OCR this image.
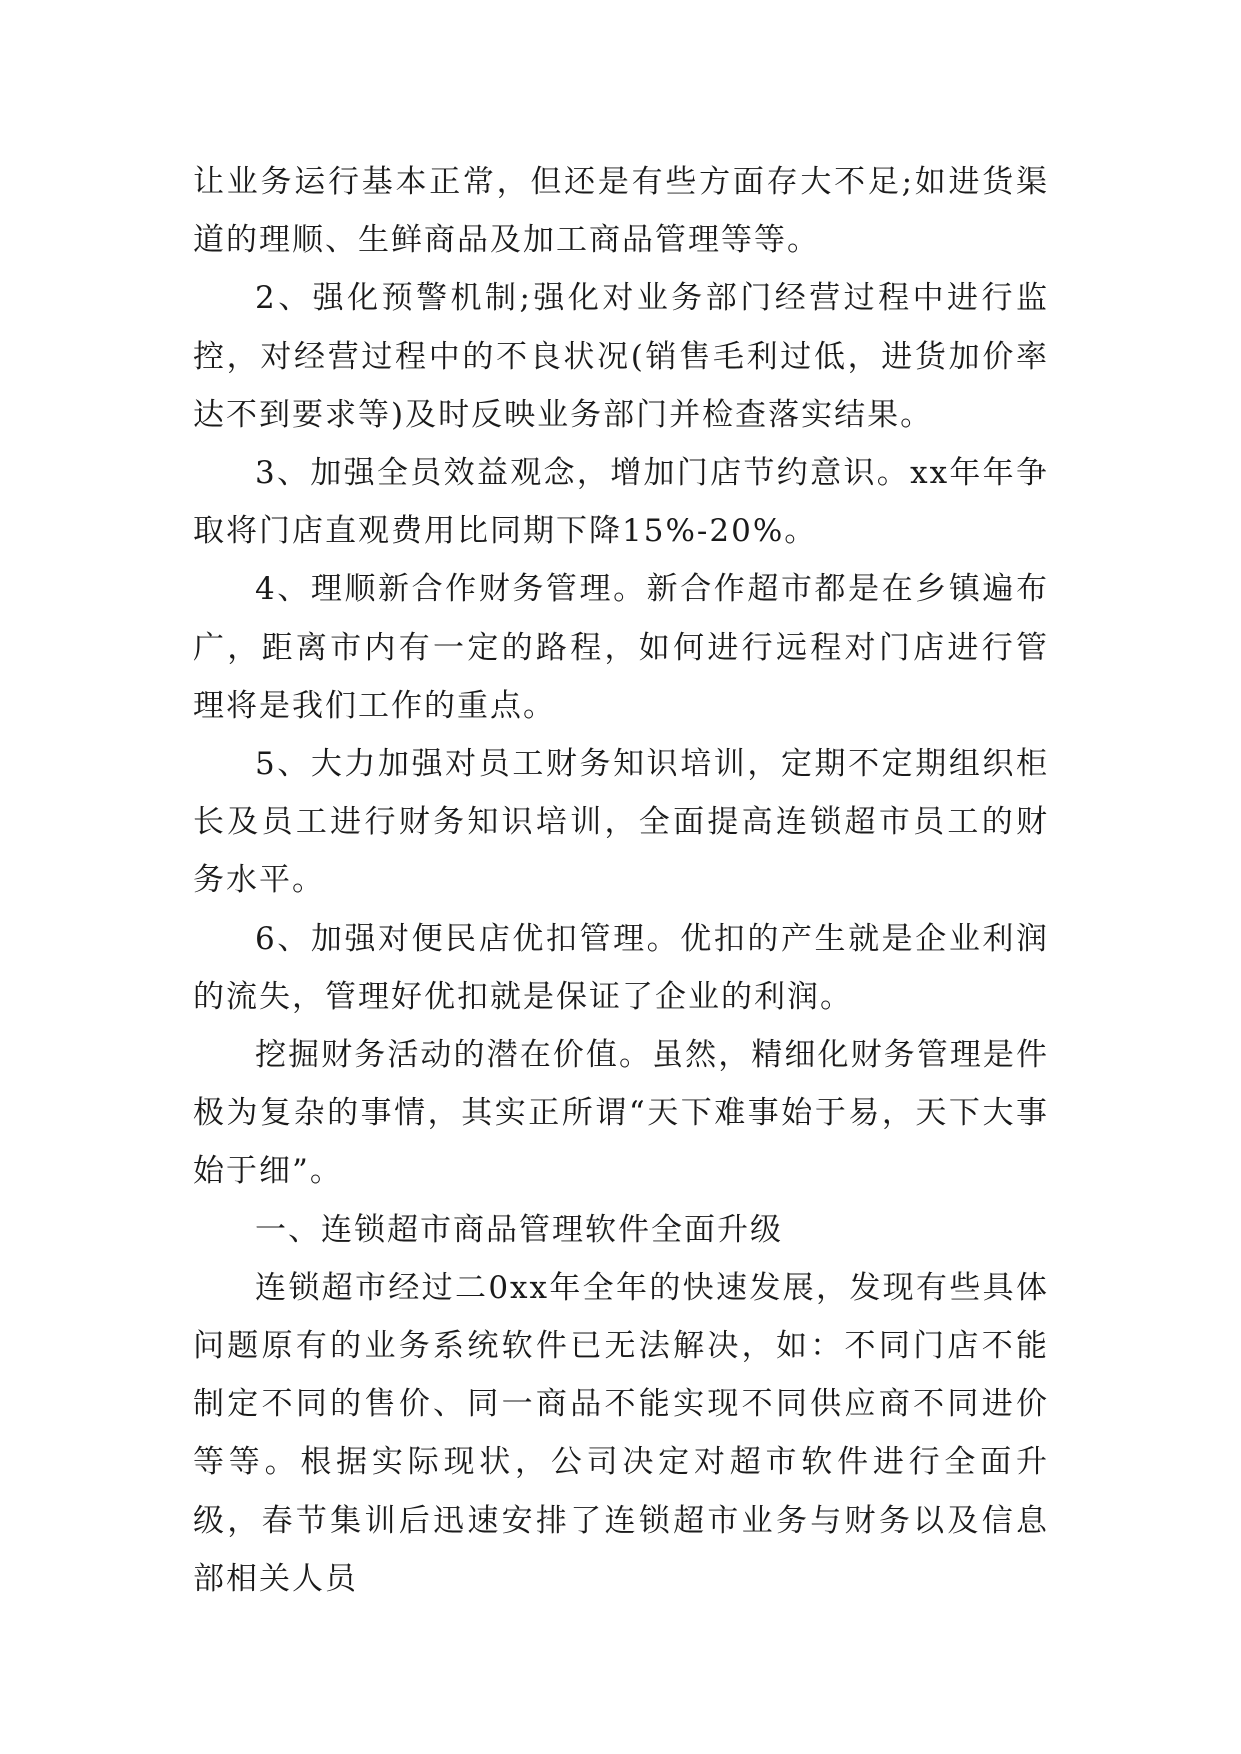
让业务运行基本正常，但还是有些方面存大不足;如进货渠道的理顺、生鲜商品及加工商品管理等等。

2、强化预警机制;强化对业务部门经营过程中进行监控，对经营过程中的不良状况(销售毛利过低，进货加价率达不到要求等)及时反映业务部门并检查落实结果。

3、加强全员效益观念，增加门店节约意识。xx年年争取将门店直观费用比同期下降15%-20%。

4、理顺新合作财务管理。新合作超市都是在乡镇遍布广，距离市内有一定的路程，如何进行远程对门店进行管理将是我们工作的重点。

5、大力加强对员工财务知识培训，定期不定期组织柜长及员工进行财务知识培训，全面提高连锁超市员工的财务水平。

6、加强对便民店优扣管理。优扣的产生就是企业利润的流失，管理好优扣就是保证了企业的利润。

挖掘财务活动的潜在价值。虽然，精细化财务管理是件极为复杂的事情，其实正所谓“天下难事始于易，天下大事始于细”。

一、连锁超市商品管理软件全面升级

连锁超市经过二0xx年全年的快速发展，发现有些具体问题原有的业务系统软件已无法解决，如：不同门店不能制定不同的售价、同一商品不能实现不同供应商不同进价等等。根据实际现状，公司决定对超市软件进行全面升级，春节集训后迅速安排了连锁超市业务与财务以及信息部相关人员
